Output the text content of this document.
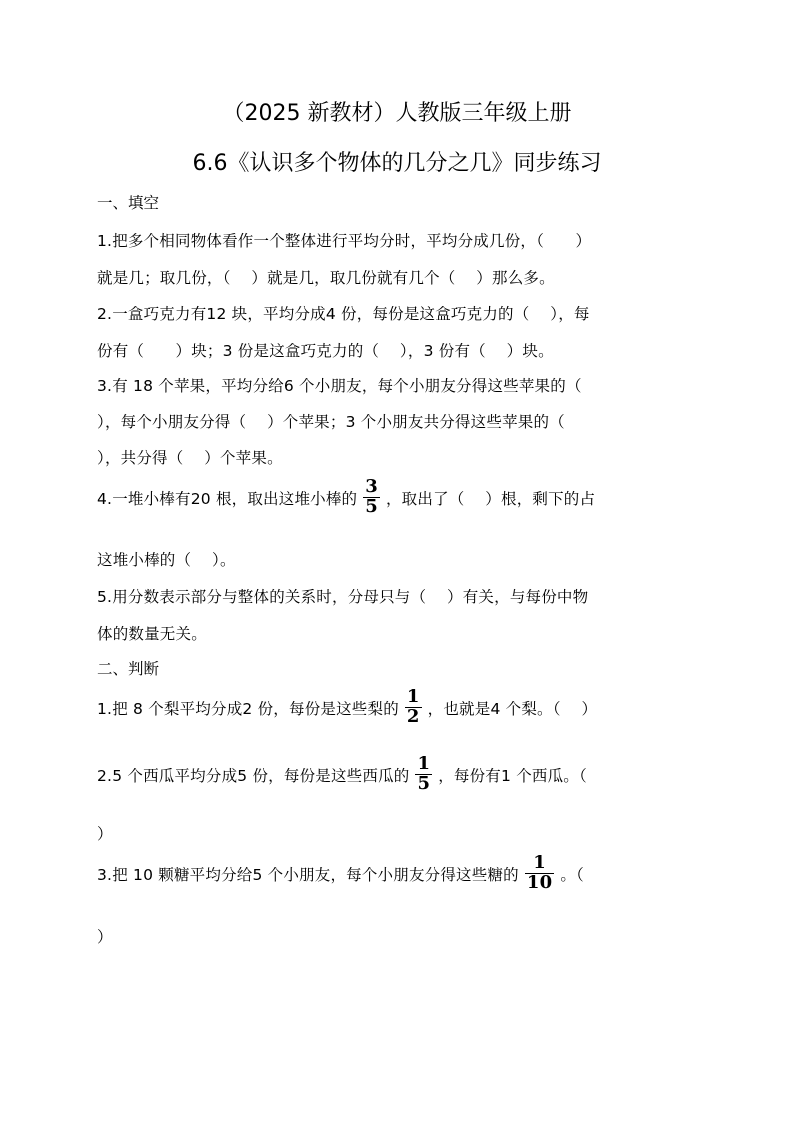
（2025 新教材）人教版三年级上册
6.6《认识多个物体的几分之几》同步练习
一、填空
1.把多个相同物体看作一个整体进行平均分时，平均分成几份，（　　）
就是几；取几份，（　 ）就是几，取几份就有几个（　 ）那么多。
2.一盒巧克力有12 块，平均分成4 份，每份是这盒巧克力的（　 ），每
份有（　　）块；3 份是这盒巧克力的（　 ），3 份有（　 ）块。
3.有 18 个苹果，平均分给6 个小朋友，每个小朋友分得这些苹果的（
），每个小朋友分得（　 ）个苹果；3 个小朋友共分得这些苹果的（
），共分得（　 ）个苹果。
4.一堆小棒有20 根，取出这堆小棒的 $\frac{3}{5}$ ，取出了（　 ）根，剩下的占
这堆小棒的（　 ）。
5.用分数表示部分与整体的关系时，分母只与（　 ）有关，与每份中物
体的数量无关。
二、判断
1.把 8 个梨平均分成2 份，每份是这些梨的 $\frac{1}{2}$ ，也就是4 个梨。（　 ）
2.5 个西瓜平均分成5 份，每份是这些西瓜的 $\frac{1}{5}$ ，每份有1 个西瓜。（
）
3.把 10 颗糖平均分给5 个小朋友，每个小朋友分得这些糖的 $\frac{1}{10}$ 。（
）
